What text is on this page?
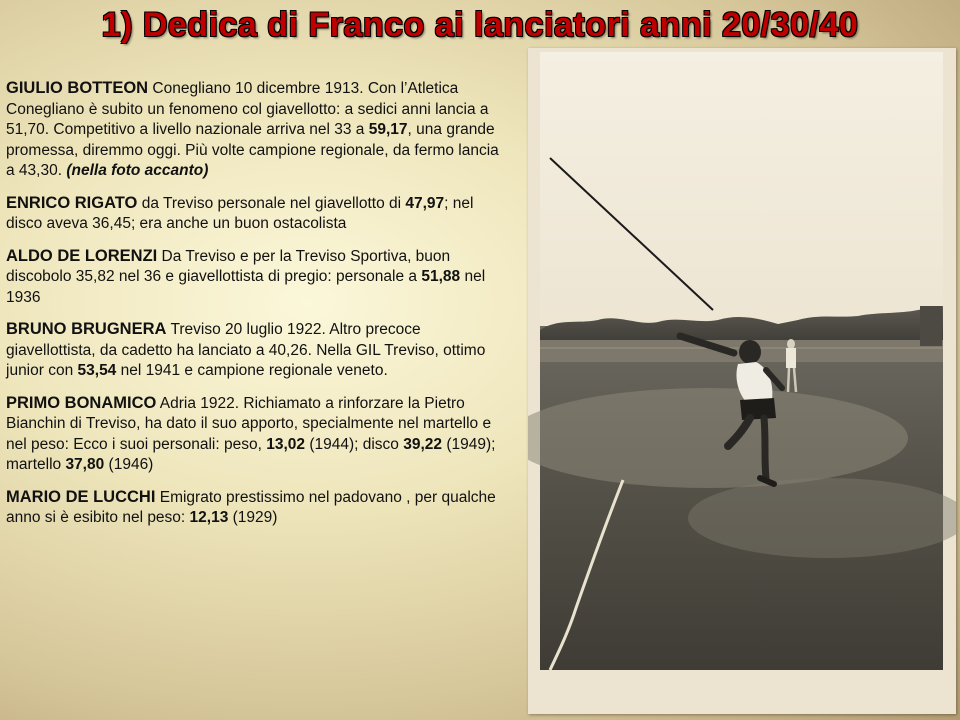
1) Dedica di Franco ai lanciatori anni 20/30/40

GIULIO BOTTEON Conegliano 10 dicembre 1913. Con l’Atletica Conegliano è subito un fenomeno col giavellotto: a sedici anni lancia a 51,70. Competitivo a livello nazionale arriva nel 33 a 59,17, una grande promessa, diremmo oggi. Più volte campione regionale, da fermo lancia a 43,30. (nella foto accanto)

ENRICO RIGATO da Treviso personale nel giavellotto di 47,97; nel disco aveva 36,45; era anche un buon ostacolista

ALDO DE LORENZI Da Treviso e per la Treviso Sportiva, buon discobolo 35,82 nel 36 e giavellottista di pregio: personale a 51,88 nel 1936

BRUNO BRUGNERA Treviso 20 luglio 1922. Altro precoce giavellottista, da cadetto ha lanciato a 40,26. Nella GIL Treviso, ottimo junior con 53,54 nel 1941 e campione regionale veneto.

PRIMO BONAMICO Adria 1922. Richiamato a rinforzare la Pietro Bianchin di Treviso, ha dato il suo apporto, specialmente nel martello e nel peso: Ecco i suoi personali: peso, 13,02 (1944); disco 39,22 (1949); martello 37,80 (1946)

MARIO DE LUCCHI Emigrato prestissimo nel padovano , per qualche anno si è esibito nel peso: 12,13 (1929)
